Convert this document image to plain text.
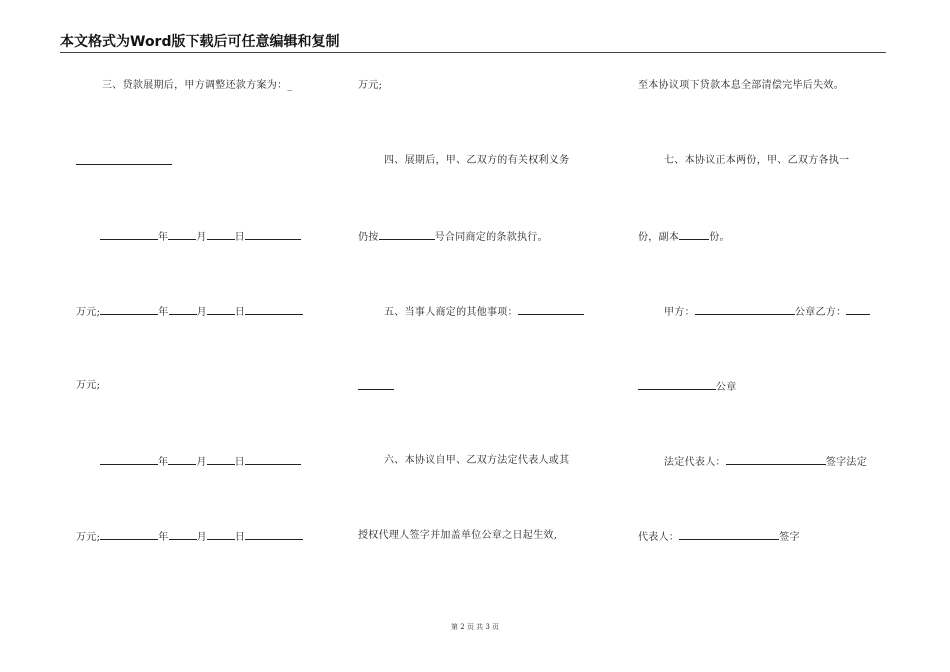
本文格式为Word版下载后可任意编辑和复制
三、贷款展期后，甲方调整还款方案为：_
年	月	日
万元;	年	月	日
万元;
年	月	日
万元;	年	月	日
万元;
四、展期后，甲、乙双方的有关权利义务
仍按	号合同商定的条款执行。
五、当事人商定的其他事项：
六、本协议自甲、乙双方法定代表人或其
授权代理人签字并加盖单位公章之日起生效,
至本协议项下贷款本息全部清偿完毕后失效。
七、本协议正本两份，甲、乙双方各执一
份，副本	份。
甲方：	公章乙方：
公章
法定代表人：	签字法定
代表人：	签字
第 2 页 共 3 页
